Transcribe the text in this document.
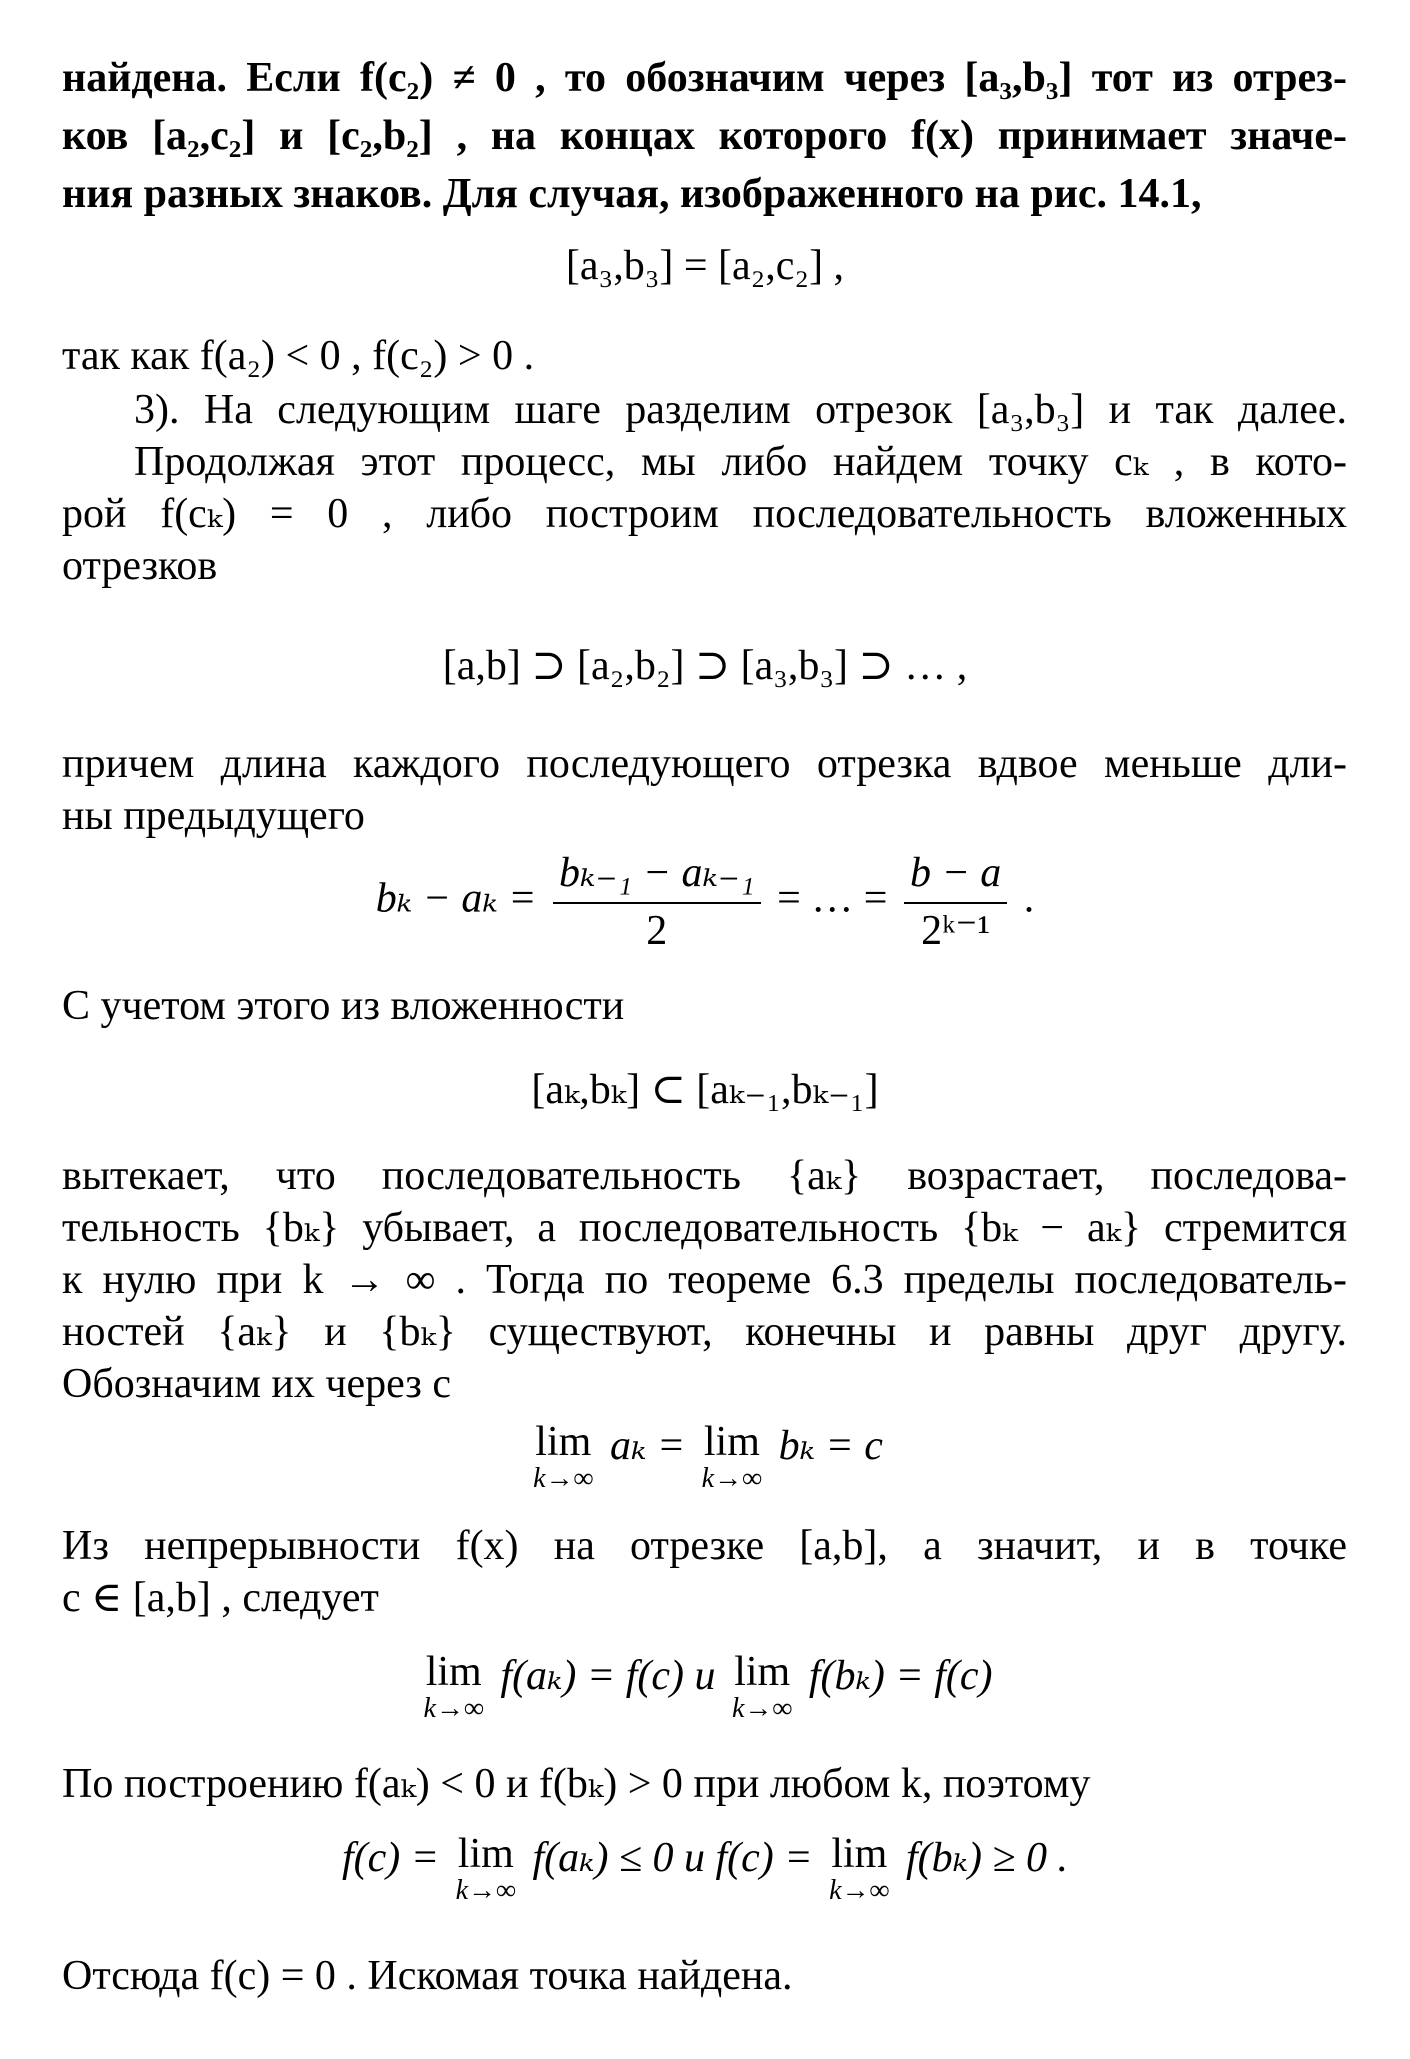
найдена. Если f(c₂) ≠ 0 , то обозначим через [a₃,b₃] тот из отрез-
ков [a₂,c₂] и [c₂,b₂] , на концах которого f(x) принимает значе-
ния разных знаков. Для случая, изображенного на рис. 14.1,
[a₃,b₃] = [a₂,c₂] ,
так как f(a₂) < 0 , f(c₂) > 0 .
3). На следующим шаге разделим отрезок [a₃,b₃] и так далее.
Продолжая этот процесс, мы либо найдем точку cₖ , в кото-
рой f(cₖ) = 0 , либо построим последовательность вложенных
отрезков
[a,b] ⊃ [a₂,b₂] ⊃ [a₃,b₃] ⊃ … ,
причем длина каждого последующего отрезка вдвое меньше дли-
ны предыдущего
$b_k - a_k = \frac{\text{bₖ₋₁ − aₖ₋₁}}{2}$ = … = $\frac{b - a}{\text{2ᵏ⁻¹}}$ .
С учетом этого из вложенности
[aₖ,bₖ] ⊂ [aₖ₋₁,bₖ₋₁]
вытекает, что последовательность {aₖ} возрастает, последова-
тельность {bₖ} убывает, а последовательность {bₖ − aₖ} стремится
к нулю при k → ∞ . Тогда по теореме 6.3 пределы последователь-
ностей {aₖ} и {bₖ} существуют, конечны и равны друг другу.
Обозначим их через c
lim
k→∞
aₖ = lim
k→∞
bₖ = c
Из непрерывности f(x) на отрезке [a,b], а значит, и в точке
c ∈ [a,b] , следует
lim
k→∞
f(aₖ) = f(c) и lim
k→∞
f(bₖ) = f(c)
По построению f(aₖ) < 0 и f(bₖ) > 0 при любом k, поэтому
f(c) = lim
k→∞
f(aₖ) ≤ 0 и f(c) = lim
k→∞
f(bₖ) ≥ 0 .
Отсюда f(c) = 0 . Искомая точка найдена.
